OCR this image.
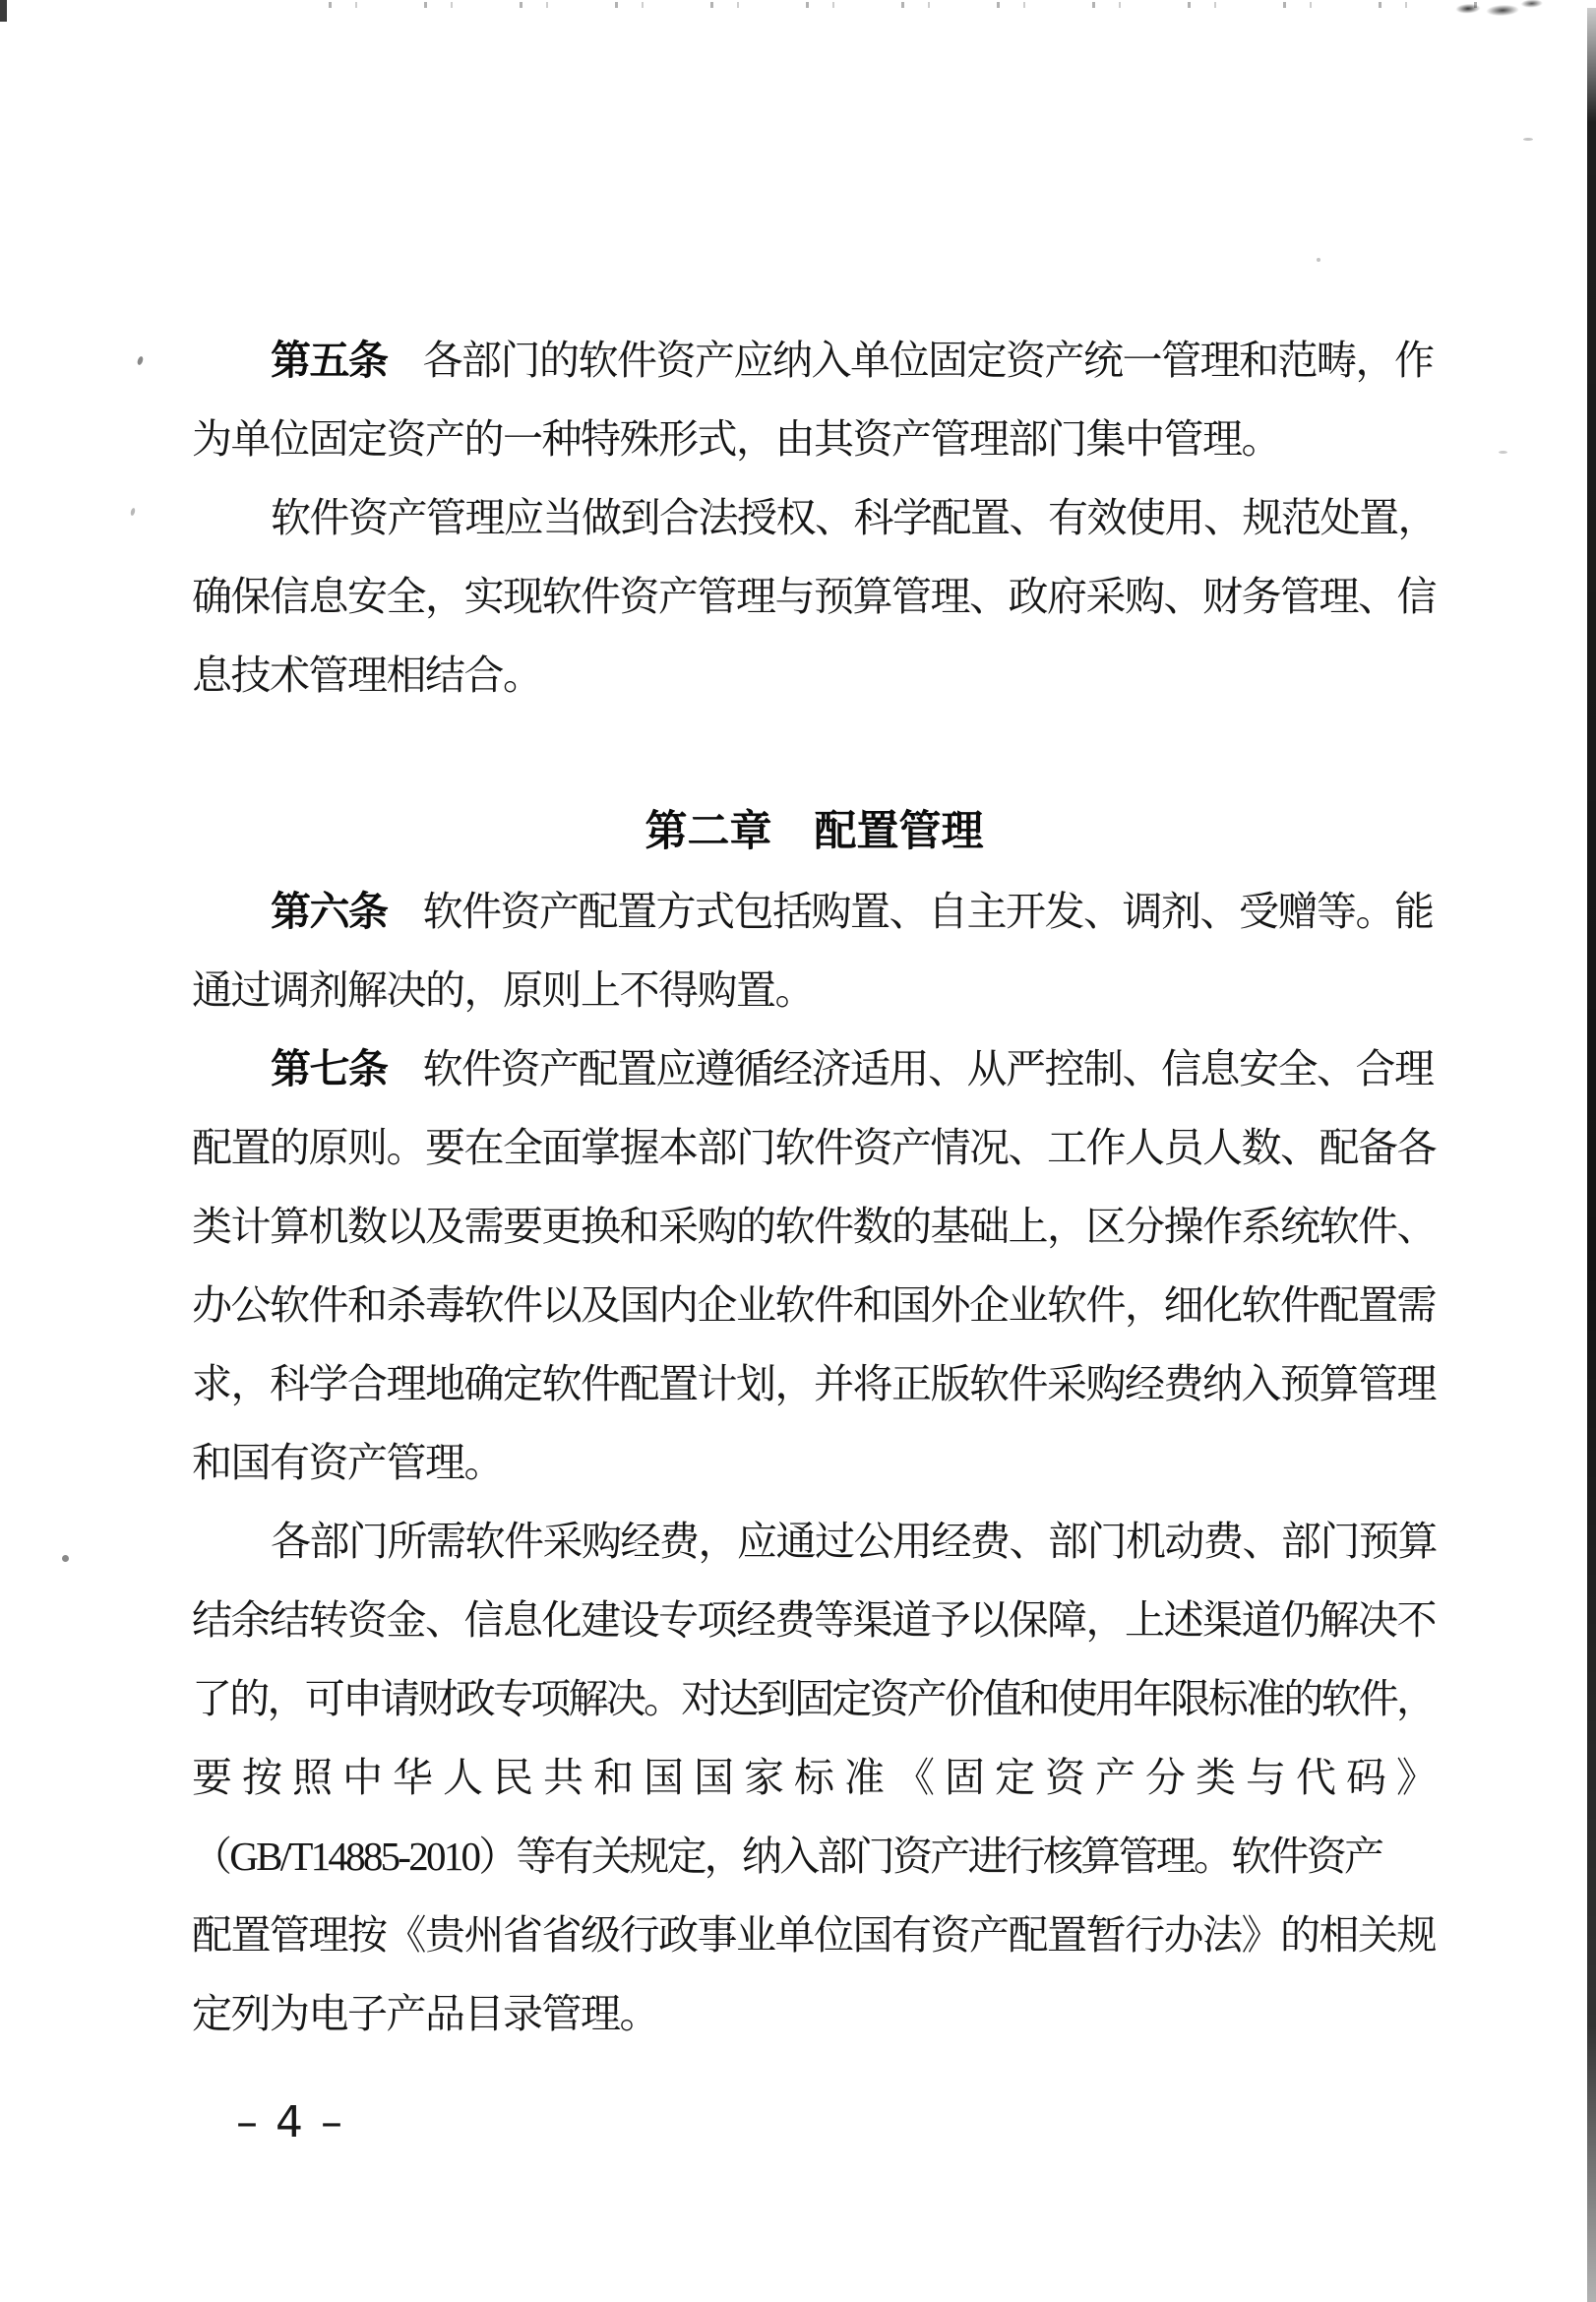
第五条 各部门的软件资产应纳入单位固定资产统一管理和范畴，作
为单位固定资产的一种特殊形式，由其资产管理部门集中管理。
软件资产管理应当做到合法授权、科学配置、有效使用、规范处置，
确保信息安全，实现软件资产管理与预算管理、政府采购、财务管理、信
息技术管理相结合。
第二章　配置管理
第六条 软件资产配置方式包括购置、自主开发、调剂、受赠等。能
通过调剂解决的，原则上不得购置。
第七条 软件资产配置应遵循经济适用、从严控制、信息安全、合理
配置的原则。要在全面掌握本部门软件资产情况、工作人员人数、配备各
类计算机数以及需要更换和采购的软件数的基础上，区分操作系统软件、
办公软件和杀毒软件以及国内企业软件和国外企业软件，细化软件配置需
求，科学合理地确定软件配置计划，并将正版软件采购经费纳入预算管理
和国有资产管理。
各部门所需软件采购经费，应通过公用经费、部门机动费、部门预算
结余结转资金、信息化建设专项经费等渠道予以保障，上述渠道仍解决不
了的，可申请财政专项解决。对达到固定资产价值和使用年限标准的软件，
要按照中华人民共和国国家标准《固定资产分类与代码》
（GB/T14885-2010）等有关规定，纳入部门资产进行核算管理。软件资产
配置管理按《贵州省省级行政事业单位国有资产配置暂行办法》的相关规
定列为电子产品目录管理。
– 4 –
